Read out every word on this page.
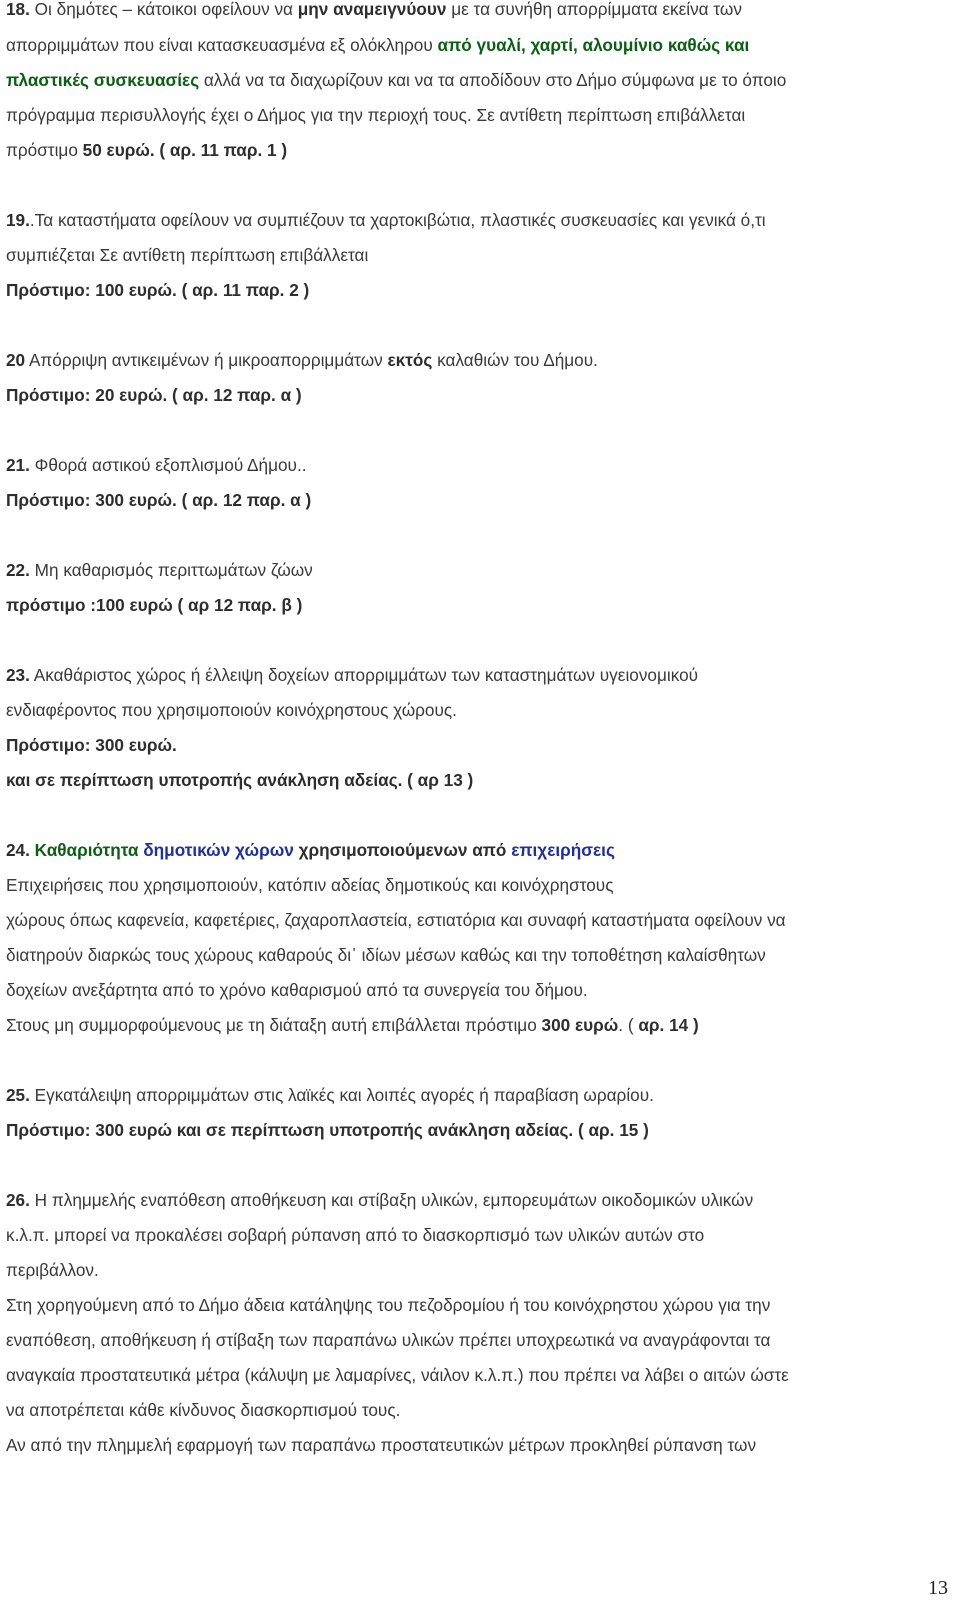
18. Οι δημότες – κάτοικοι οφείλουν να μην αναμειγνύουν με τα συνήθη απορρίμματα εκείνα των
απορριμμάτων που είναι κατασκευασμένα εξ ολόκληρου από γυαλί, χαρτί, αλουμίνιο καθώς και
πλαστικές συσκευασίες αλλά να τα διαχωρίζουν και να τα αποδίδουν στο Δήμο σύμφωνα με το όποιο
πρόγραμμα περισυλλογής έχει ο Δήμος για την περιοχή τους. Σε αντίθετη περίπτωση επιβάλλεται
πρόστιμο 50 ευρώ. ( αρ. 11 παρ. 1 )
19..Τα καταστήματα οφείλουν να συμπιέζουν τα χαρτοκιβώτια, πλαστικές συσκευασίες και γενικά ό,τι
συμπιέζεται Σε αντίθετη περίπτωση επιβάλλεται
Πρόστιμο: 100 ευρώ. ( αρ. 11 παρ. 2 )
20 Απόρριψη αντικειμένων ή μικροαπορριμμάτων εκτός καλαθιών του Δήμου.
Πρόστιμο: 20 ευρώ. ( αρ. 12 παρ. α )
21. Φθορά αστικού εξοπλισμού Δήμου..
Πρόστιμο: 300 ευρώ. ( αρ. 12 παρ. α )
22. Μη καθαρισμός περιττωμάτων ζώων
πρόστιμο :100 ευρώ ( αρ 12 παρ. β )
23. Ακαθάριστος χώρος ή έλλειψη δοχείων απορριμμάτων των καταστημάτων υγειονομικού
ενδιαφέροντος που χρησιμοποιούν κοινόχρηστους χώρους.
Πρόστιμο: 300 ευρώ.
και σε περίπτωση υποτροπής ανάκληση αδείας. ( αρ 13 )
24. Καθαριότητα δημοτικών χώρων χρησιμοποιούμενων από επιχειρήσεις
Επιχειρήσεις που χρησιμοποιούν, κατόπιν αδείας δημοτικούς και κοινόχρηστους
χώρους όπως καφενεία, καφετέριες, ζαχαροπλαστεία, εστιατόρια και συναφή καταστήματα οφείλουν να
διατηρούν διαρκώς τους χώρους καθαρούς δι᾿ ιδίων μέσων καθώς και την τοποθέτηση καλαίσθητων
δοχείων ανεξάρτητα από το χρόνο καθαρισμού από τα συνεργεία του δήμου.
Στους μη συμμορφούμενους με τη διάταξη αυτή επιβάλλεται πρόστιμο 300 ευρώ. ( αρ. 14 )
25. Εγκατάλειψη απορριμμάτων στις λαϊκές και λοιπές αγορές ή παραβίαση ωραρίου.
Πρόστιμο: 300 ευρώ και σε περίπτωση υποτροπής ανάκληση αδείας. ( αρ. 15 )
26. Η πλημμελής εναπόθεση αποθήκευση και στίβαξη υλικών, εμπορευμάτων οικοδομικών υλικών
κ.λ.π. μπορεί να προκαλέσει σοβαρή ρύπανση από το διασκορπισμό των υλικών αυτών στο
περιβάλλον.
Στη χορηγούμενη από το Δήμο άδεια κατάληψης του πεζοδρομίου ή του κοινόχρηστου χώρου για την
εναπόθεση, αποθήκευση ή στίβαξη των παραπάνω υλικών πρέπει υποχρεωτικά να αναγράφονται τα
αναγκαία προστατευτικά μέτρα (κάλυψη με λαμαρίνες, νάιλον κ.λ.π.) που πρέπει να λάβει ο αιτών ώστε
να αποτρέπεται κάθε κίνδυνος διασκορπισμού τους.
Αν από την πλημμελή εφαρμογή των παραπάνω προστατευτικών μέτρων προκληθεί ρύπανση των
13
